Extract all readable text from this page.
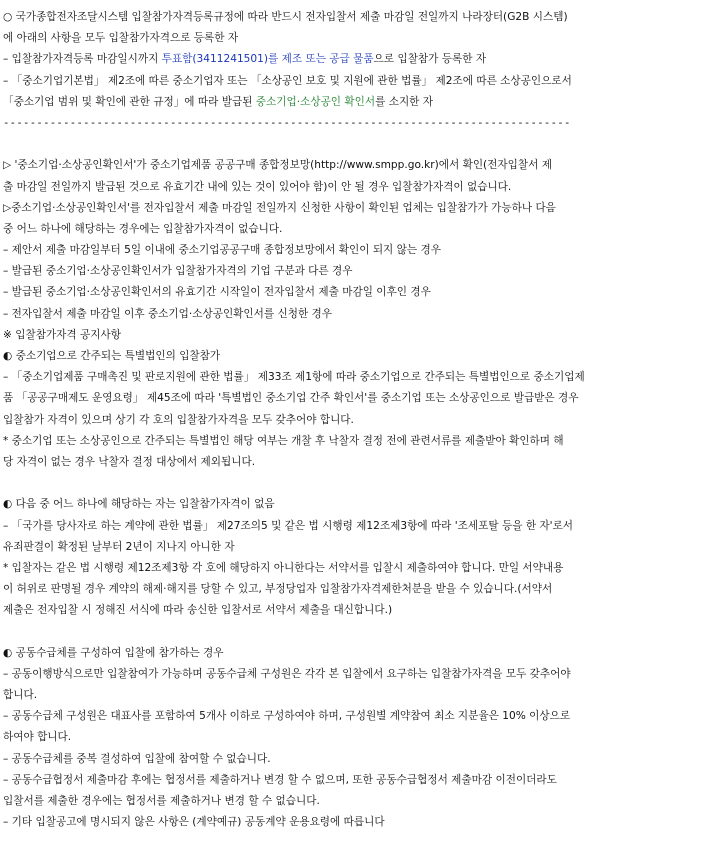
○ 국가종합전자조달시스템 입찰참가자격등록규정에 따라 반드시 전자입찰서 제출 마감일 전일까지 나라장터(G2B 시스템)
에 아래의 사항을 모두 입찰참가자격으로 등록한 자
– 입찰참가자격등록 마감일시까지 투표함(3411241501)를 제조 또는 공급 물품으로 입찰참가 등록한 자
– 「중소기업기본법」 제2조에 따른 중소기업자 또는 「소상공인 보호 및 지원에 관한 법률」 제2조에 따른 소상공인으로서
「중소기업 범위 및 확인에 관한 규정」에 따라 발급된 중소기업·소상공인 확인서를 소지한 자
-------------------------------------------------------------------------------------
▷ '중소기업·소상공인확인서'가 중소기업제품 공공구매 종합정보망(http://www.smpp.go.kr)에서 확인(전자입찰서 제
출 마감일 전일까지 발급된 것으로 유효기간 내에 있는 것이 있어야 함)이 안 될 경우 입찰참가자격이 없습니다.
▷중소기업·소상공인확인서'를 전자입찰서 제출 마감일 전일까지 신청한 사항이 확인된 업체는 입찰참가가 가능하나 다음
중 어느 하나에 해당하는 경우에는 입찰참가자격이 없습니다.
– 제안서 제출 마감일부터 5일 이내에 중소기업공공구매 종합정보망에서 확인이 되지 않는 경우
– 발급된 중소기업·소상공인확인서가 입찰참가자격의 기업 구분과 다른 경우
– 발급된 중소기업·소상공인확인서의 유효기간 시작일이 전자입찰서 제출 마감일 이후인 경우
– 전자입찰서 제출 마감일 이후 중소기업·소상공인확인서를 신청한 경우
※ 입찰참가자격 공지사항
◐ 중소기업으로 간주되는 특별법인의 입찰참가
– 「중소기업제품 구매촉진 및 판로지원에 관한 법률」 제33조 제1항에 따라 중소기업으로 간주되는 특별법인으로 중소기업제
품 「공공구매제도 운영요령」 제45조에 따라 '특별법인 중소기업 간주 확인서'를 중소기업 또는 소상공인으로 발급받은 경우
입찰참가 자격이 있으며 상기 각 호의 입찰참가자격을 모두 갖추어야 합니다.
* 중소기업 또는 소상공인으로 간주되는 특별법인 해당 여부는 개찰 후 낙찰자 결정 전에 관련서류를 제출받아 확인하며 해
당 자격이 없는 경우 낙찰자 결정 대상에서 제외됩니다.
◐ 다음 중 어느 하나에 해당하는 자는 입찰참가자격이 없음
– 「국가를 당사자로 하는 계약에 관한 법률」 제27조의5 및 같은 법 시행령 제12조제3항에 따라 '조세포탈 등을 한 자'로서
유죄판결이 확정된 날부터 2년이 지나지 아니한 자
* 입찰자는 같은 법 시행령 제12조제3항 각 호에 해당하지 아니한다는 서약서를 입찰시 제출하여야 합니다. 만일 서약내용
이 허위로 판명될 경우 계약의 해제·해지를 당할 수 있고, 부정당업자 입찰참가자격제한처분을 받을 수 있습니다.(서약서
제출은 전자입찰 시 정해진 서식에 따라 송신한 입찰서로 서약서 제출을 대신합니다.)
◐ 공동수급체를 구성하여 입찰에 참가하는 경우
– 공동이행방식으로만 입찰참여가 가능하며 공동수급체 구성원은 각각 본 입찰에서 요구하는 입찰참가자격을 모두 갖추어야
합니다.
– 공동수급체 구성원은 대표사를 포함하여 5개사 이하로 구성하여야 하며, 구성원별 계약참여 최소 지분율은 10% 이상으로
하여야 합니다.
– 공동수급체를 중복 결성하여 입찰에 참여할 수 없습니다.
– 공동수급협정서 제출마감 후에는 협정서를 제출하거나 변경 할 수 없으며, 또한 공동수급협정서 제출마감 이전이더라도
입찰서를 제출한 경우에는 협정서를 제출하거나 변경 할 수 없습니다.
– 기타 입찰공고에 명시되지 않은 사항은 (계약예규) 공동계약 운용요령에 따릅니다
